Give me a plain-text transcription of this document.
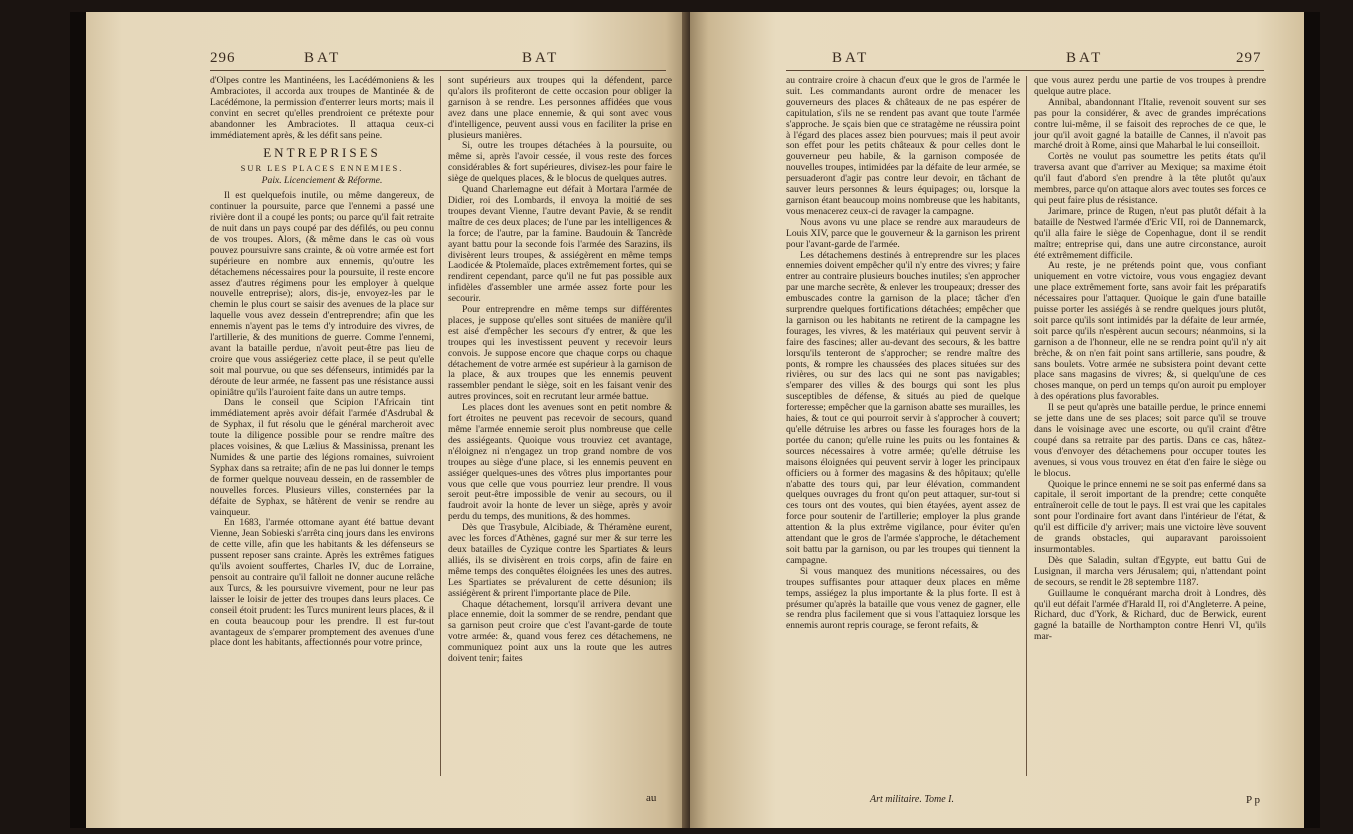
296	BAT	BAT

d'Olpes contre les Mantinéens, les Lacédémoniens & les Ambraciotes, il accorda aux troupes de Mantinée & de Lacédémone, la permission d'enterrer leurs morts; mais il convint en secret qu'elles prendroient ce prétexte pour abandonner les Ambraciotes. Il attaqua ceux-ci immédiatement après, & les défit sans peine.

ENTREPRISES
SUR LES PLACES ENNEMIES.
Paix. Licenciement & Réforme.

Il est quelquefois inutile, ou même dangereux, de continuer la poursuite, parce que l'ennemi a passé une rivière dont il a coupé les ponts; ou parce qu'il fait retraite de nuit dans un pays coupé par des défilés, ou peu connu de vos troupes. Alors, (& même dans le cas où vous pouvez poursuivre sans crainte, & où votre armée est fort supérieure en nombre aux ennemis, qu'outre les détachemens nécessaires pour la poursuite, il reste encore assez d'autres régimens pour les employer à quelque nouvelle entreprise); alors, dis-je, envoyez-les par le chemin le plus court se saisir des avenues de la place sur laquelle vous avez dessein d'entreprendre; afin que les ennemis n'ayent pas le tems d'y introduire des vivres, de l'artillerie, & des munitions de guerre. Comme l'ennemi, avant la bataille perdue, n'avoit peut-être pas lieu de croire que vous assiégeriez cette place, il se peut qu'elle soit mal pourvue, ou que ses défenseurs, intimidés par la déroute de leur armée, ne fassent pas une résistance aussi opiniâtre qu'ils l'auroient faite dans un autre temps.

Dans le conseil que Scipion l'Africain tint immédiatement après avoir défait l'armée d'Asdrubal & de Syphax, il fut résolu que le général marcheroit avec toute la diligence possible pour se rendre maître des places voisines, & que Lælius & Massinissa, prenant les Numides & une partie des légions romaines, suivroient Syphax dans sa retraite; afin de ne pas lui donner le temps de former quelque nouveau dessein, en de rassembler de nouvelles forces. Plusieurs villes, consternées par la défaite de Syphax, se hâtèrent de venir se rendre au vainqueur.

En 1683, l'armée ottomane ayant été battue devant Vienne, Jean Sobieski s'arrêta cinq jours dans les environs de cette ville, afin que les habitants & les défenseurs se pussent reposer sans crainte. Après les extrêmes fatigues qu'ils avoient souffertes, Charles IV, duc de Lorraine, pensoit au contraire qu'il falloit ne donner aucune relâche aux Turcs, & les poursuivre vivement, pour ne leur pas laisser le loisir de jetter des troupes dans leurs places. Ce conseil étoit prudent: les Turcs munirent leurs places, & il en couta beaucoup pour les prendre. Il est fur-tout avantageux de s'emparer promptement des avenues d'une place dont les habitants, affectionnés pour votre prince,

sont supérieurs aux troupes qui la défendent, parce qu'alors ils profiteront de cette occasion pour obliger la garnison à se rendre. Les personnes affidées que vous avez dans une place ennemie, & qui sont avec vous d'intelligence, peuvent aussi vous en faciliter la prise en plusieurs manières.

Si, outre les troupes détachées à la poursuite, ou même si, après l'avoir cessée, il vous reste des forces considérables & fort supérieures, divisez-les pour faire le siège de quelques places, & le blocus de quelques autres.

Quand Charlemagne eut défait à Mortara l'armée de Didier, roi des Lombards, il envoya la moitié de ses troupes devant Vienne, l'autre devant Pavie, & se rendit maître de ces deux places; de l'une par les intelligences & la force; de l'autre, par la famine. Baudouin & Tancrède ayant battu pour la seconde fois l'armée des Sarazins, ils divisèrent leurs troupes, & assiégèrent en même temps Laodicée & Ptolemaïde, places extrêmement fortes, qui se rendirent cependant, parce qu'il ne fut pas possible aux infidèles d'assembler une armée assez forte pour les secourir.

Pour entreprendre en même temps sur différentes places, je suppose qu'elles sont situées de manière qu'il est aisé d'empêcher les secours d'y entrer, & que les troupes qui les investissent peuvent y recevoir leurs convois. Je suppose encore que chaque corps ou chaque détachement de votre armée est supérieur à la garnison de la place, & aux troupes que les ennemis peuvent rassembler pendant le siège, soit en les faisant venir des autres provinces, soit en recrutant leur armée battue.

Les places dont les avenues sont en petit nombre & fort étroites ne peuvent pas recevoir de secours, quand même l'armée ennemie seroit plus nombreuse que celle des assiégeants. Quoique vous trouviez cet avantage, n'éloignez ni n'engagez un trop grand nombre de vos troupes au siège d'une place, si les ennemis peuvent en assiéger quelques-unes des vôtres plus importantes pour vous que celle que vous pourriez leur prendre. Il vous seroit peut-être impossible de venir au secours, ou il faudroit avoir la honte de lever un siège, après y avoir perdu du temps, des munitions, & des hommes.

Dès que Trasybule, Alcibiade, & Théramène eurent, avec les forces d'Athènes, gagné sur mer & sur terre les deux batailles de Cyzique contre les Spartiates & leurs alliés, ils se divisèrent en trois corps, afin de faire en même temps des conquêtes éloignées les unes des autres. Les Spartiates se prévalurent de cette désunion; ils assiégèrent & prirent l'importante place de Pile.

Chaque détachement, lorsqu'il arrivera devant une place ennemie, doit la sommer de se rendre, pendant que sa garnison peut croire que c'est l'avant-garde de toute votre armée: &, quand vous ferez ces détachemens, ne communiquez point aux uns la route que les autres doivent tenir; faites

au
BAT	BAT	297

au contraire croire à chacun d'eux que le gros de l'armée le suit. Les commandants auront ordre de menacer les gouverneurs des places & châteaux de ne pas espérer de capitulation, s'ils ne se rendent pas avant que toute l'armée s'approche. Je sçais bien que ce stratagème ne réussira point à l'égard des places assez bien pourvues; mais il peut avoir son effet pour les petits châteaux & pour celles dont le gouverneur peu habile, & la garnison composée de nouvelles troupes, intimidées par la défaite de leur armée, se persuaderont d'agir pas contre leur devoir, en tâchant de sauver leurs personnes & leurs équipages; ou, lorsque la garnison étant beaucoup moins nombreuse que les habitants, vous menacerez ceux-ci de ravager la campagne.

Nous avons vu une place se rendre aux maraudeurs de Louis XIV, parce que le gouverneur & la garnison les prirent pour l'avant-garde de l'armée.

Les détachemens destinés à entreprendre sur les places ennemies doivent empêcher qu'il n'y entre des vivres; y faire entrer au contraire plusieurs bouches inutiles; s'en approcher par une marche secrète, & enlever les troupeaux; dresser des embuscades contre la garnison de la place; tâcher d'en surprendre quelques fortifications détachées; empêcher que la garnison ou les habitants ne retirent de la campagne les fourages, les vivres, & les matériaux qui peuvent servir à faire des fascines; aller au-devant des secours, & les battre lorsqu'ils tenteront de s'approcher; se rendre maître des ponts, & rompre les chaussées des places situées sur des rivières, ou sur des lacs qui ne sont pas navigables; s'emparer des villes & des bourgs qui sont les plus susceptibles de défense, & situés au pied de quelque forteresse; empêcher que la garnison abatte ses murailles, les haies, & tout ce qui pourroit servir à s'approcher à couvert; qu'elle détruise les arbres ou fasse les fourages hors de la portée du canon; qu'elle ruine les puits ou les fontaines & sources nécessaires à votre armée; qu'elle détruise les maisons éloignées qui peuvent servir à loger les principaux officiers ou à former des magasins & des hôpitaux; qu'elle n'abatte des tours qui, par leur élévation, commandent quelques ouvrages du front qu'on peut attaquer, sur-tout si ces tours ont des voutes, qui bien étayées, ayent assez de force pour soutenir de l'artillerie; employer la plus grande attention & la plus extrême vigilance, pour éviter qu'en attendant que le gros de l'armée s'approche, le détachement soit battu par la garnison, ou par les troupes qui tiennent la campagne.

Si vous manquez des munitions nécessaires, ou des troupes suffisantes pour attaquer deux places en même temps, assiégez la plus importante & la plus forte. Il est à présumer qu'après la bataille que vous venez de gagner, elle se rendra plus facilement que si vous l'attaquiez lorsque les ennemis auront repris courage, se feront refaits, &

Art militaire. Tome I.

que vous aurez perdu une partie de vos troupes à prendre quelque autre place.

Annibal, abandonnant l'Italie, revenoit souvent sur ses pas pour la considérer, & avec de grandes imprécations contre lui-même, il se faisoit des reproches de ce que, le jour qu'il avoit gagné la bataille de Cannes, il n'avoit pas marché droit à Rome, ainsi que Maharbal le lui conseilloit.

Cortès ne voulut pas soumettre les petits états qu'il traversa avant que d'arriver au Mexique; sa maxime étoit qu'il faut d'abord s'en prendre à la tête plutôt qu'aux membres, parce qu'on attaque alors avec toutes ses forces ce qui peut faire plus de résistance.

Jarimare, prince de Rugen, n'eut pas plutôt défait à la bataille de Nestwed l'armée d'Eric VII, roi de Dannemarck, qu'il alla faire le siège de Copenhague, dont il se rendit maître; entreprise qui, dans une autre circonstance, auroit été extrêmement difficile.

Au reste, je ne prétends point que, vous confiant uniquement en votre victoire, vous vous engagiez devant une place extrêmement forte, sans avoir fait les préparatifs nécessaires pour l'attaquer. Quoique le gain d'une bataille puisse porter les assiégés à se rendre quelques jours plutôt, soit parce qu'ils sont intimidés par la défaite de leur armée, soit parce qu'ils n'espèrent aucun secours; néanmoins, si la garnison a de l'honneur, elle ne se rendra point qu'il n'y ait brèche, & on n'en fait point sans artillerie, sans poudre, & sans boulets. Votre armée ne subsistera point devant cette place sans magasins de vivres; &, si quelqu'une de ces choses manque, on perd un temps qu'on auroit pu employer à des opérations plus favorables.

Il se peut qu'après une bataille perdue, le prince ennemi se jette dans une de ses places; soit parce qu'il se trouve dans le voisinage avec une escorte, ou qu'il craint d'être coupé dans sa retraite par des partis. Dans ce cas, hâtez-vous d'envoyer des détachemens pour occuper toutes les avenues, si vous vous trouvez en état d'en faire le siège ou le blocus.

Quoique le prince ennemi ne se soit pas enfermé dans sa capitale, il seroit important de la prendre; cette conquête entraîneroit celle de tout le pays. Il est vrai que les capitales sont pour l'ordinaire fort avant dans l'intérieur de l'état, & qu'il est difficile d'y arriver; mais une victoire lève souvent de grands obstacles, qui auparavant paroissoient insurmontables.

Dès que Saladin, sultan d'Egypte, eut battu Gui de Lusignan, il marcha vers Jérusalem; qui, n'attendant point de secours, se rendit le 28 septembre 1187.

Guillaume le conquérant marcha droit à Londres, dès qu'il eut défait l'armée d'Harald II, roi d'Angleterre. A peine, Richard, duc d'York, & Richard, duc de Berwick, eurent gagné la bataille de Northampton contre Henri VI, qu'ils mar-

P p
